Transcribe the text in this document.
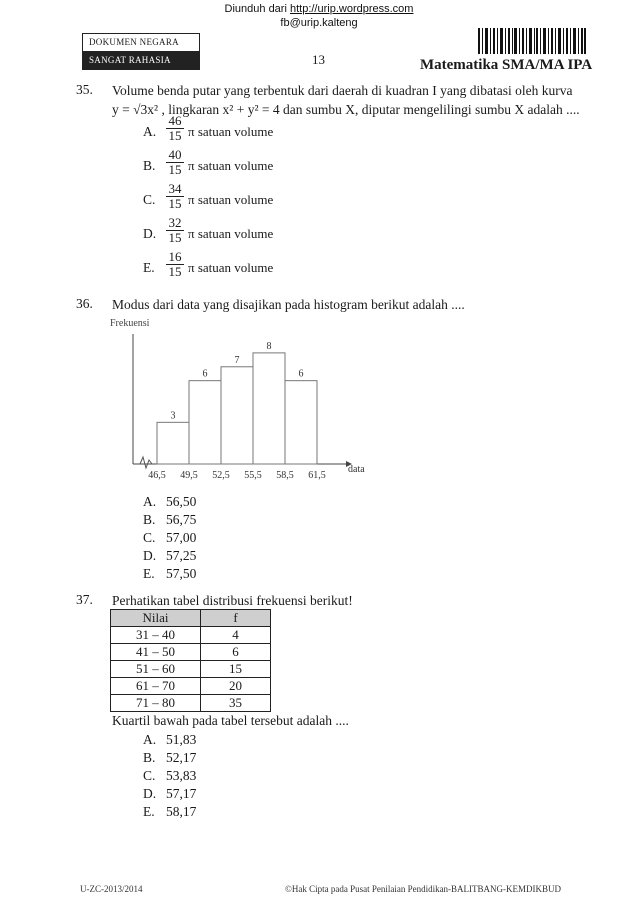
Diunduh dari http://urip.wordpress.com
fb@urip.kalteng
DOKUMEN NEGARA
SANGAT RAHASIA	13	Matematika SMA/MA IPA
35. Volume benda putar yang terbentuk dari daerah di kuadran I yang dibatasi oleh kurva
y = √3x² , lingkaran x² + y² = 4 dan sumbu X, diputar mengelilingi sumbu X adalah ....
A. $\frac{46}{15}$ π satuan volume
B. $\frac{40}{15}$ π satuan volume
C. $\frac{34}{15}$ π satuan volume
D. $\frac{32}{15}$ π satuan volume
E. $\frac{16}{15}$ π satuan volume
36. Modus dari data yang disajikan pada histogram berikut adalah ....
Frekuensi
data
3
6
7
8
6
46,5 49,5 52,5 55,5 58,5 61,5
A. 56,50
B. 56,75
C. 57,00
D. 57,25
E. 57,50
37. Perhatikan tabel distribusi frekuensi berikut!
Nilai	f
31 – 40	4
41 – 50	6
51 – 60	15
61 – 70	20
71 – 80	35
Kuartil bawah pada tabel tersebut adalah ....
A. 51,83
B. 52,17
C. 53,83
D. 57,17
E. 58,17
U-ZC-2013/2014	©Hak Cipta pada Pusat Penilaian Pendidikan-BALITBANG-KEMDIKBUD
